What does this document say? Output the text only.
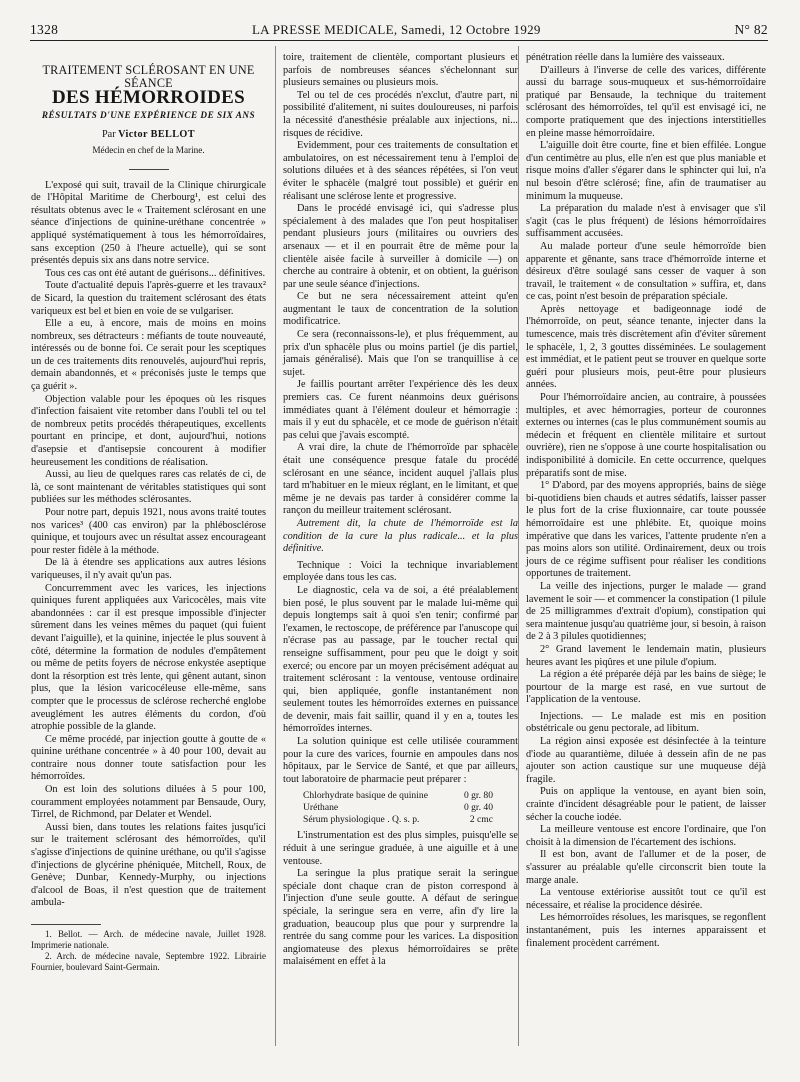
1328	LA PRESSE MEDICALE, Samedi, 12 Octobre 1929	N° 82
TRAITEMENT SCLÉROSANT EN UNE SÉANCE
DES HÉMORROIDES
RÉSULTATS D'UNE EXPÉRIENCE DE SIX ANS
Par Victor BELLOT
Médecin en chef de la Marine.

L'exposé qui suit, travail de la Clinique chirurgicale de l'Hôpital Maritime de Cherbourg¹, est celui des résultats obtenus avec le « Traitement sclérosant en une séance d'injections de quinine-uréthane concentrée » appliqué systématiquement à tous les hémorroïdaires, sans exception (250 à l'heure actuelle), qui se sont présentés depuis six ans dans notre service.

Tous ces cas ont été autant de guérisons... définitives.

Toute d'actualité depuis l'après-guerre et les travaux² de Sicard, la question du traitement sclérosant des états variqueux est bel et bien en voie de se vulgariser.

Elle a eu, à encore, mais de moins en moins nombreux, ses détracteurs : méfiants de toute nouveauté, intéressés ou de bonne foi. Ce serait pour les sceptiques un de ces traitements dits renouvelés, aujourd'hui repris, demain abandonnés, et « préconisés juste le temps que ça guérit ».

Objection valable pour les époques où les risques d'infection faisaient vite retomber dans l'oubli tel ou tel de nombreux petits procédés thérapeutiques, excellents pourtant en principe, et dont, aujourd'hui, notions d'asepsie et d'antisepsie concourent à modifier heureusement les conditions de réalisation.

Aussi, au lieu de quelques rares cas relatés de ci, de là, ce sont maintenant de véritables statistiques qui sont publiées sur les méthodes sclérosantes.

Pour notre part, depuis 1921, nous avons traité toutes nos varices³ (400 cas environ) par la phlébosclérose quinique, et toujours avec un résultat assez encourageant pour rester fidèle à la méthode.

De là à étendre ses applications aux autres lésions variqueuses, il n'y avait qu'un pas.

Concurremment avec les varices, les injections quiniques furent appliquées aux Varicocèles, mais vite abandonnées : car il est presque impossible d'injecter sûrement dans les veines mêmes du paquet (qui fuient devant l'aiguille), et la quinine, injectée le plus souvent à côté, détermine la formation de nodules d'empâtement ou même de petits foyers de nécrose enkystée aseptique dont la résorption est très lente, qui gênent autant, sinon plus, que la lésion varicocéleuse elle-même, sans compter que le processus de sclérose recherché englobe aveuglément les autres éléments du cordon, d'où atrophie possible de la glande.

Ce même procédé, par injection goutte à goutte de « quinine uréthane concentrée » à 40 pour 100, devait au contraire nous donner toute satisfaction pour les hémorroïdes.

On est loin des solutions diluées à 5 pour 100, couramment employées notamment par Bensaude, Oury, Tirrel, de Richmond, par Delater et Wendel.

Aussi bien, dans toutes les relations faites jusqu'ici sur le traitement sclérosant des hémorroïdes, qu'il s'agisse d'injections de quinine uréthane, ou qu'il s'agisse d'injections de glycérine phéniquée, Mitchell, Roux, de Genève; Dunbar, Kennedy-Murphy, ou injections d'alcool de Boas, il n'est question que de traitement ambula-

1. Bellot. — Arch. de médecine navale, Juillet 1928. Imprimerie nationale.

2. Arch. de médecine navale, Septembre 1922. Librairie Fournier, boulevard Saint-Germain.

toire, traitement de clientèle, comportant plusieurs et parfois de nombreuses séances s'échelonnant sur plusieurs semaines ou plusieurs mois.

Tel ou tel de ces procédés n'exclut, d'autre part, ni possibilité d'alitement, ni suites douloureuses, ni parfois la nécessité d'anesthésie préalable aux injections, ni... risques de récidive.

Evidemment, pour ces traitements de consultation et ambulatoires, on est nécessairement tenu à l'emploi de solutions diluées et à des séances répétées, si l'on veut éviter le sphacèle (malgré tout possible) et guérir en réalisant une sclérose lente et progressive.

Dans le procédé envisagé ici, qui s'adresse plus spécialement à des malades que l'on peut hospitaliser pendant plusieurs jours (militaires ou ouvriers des arsenaux — et il en pourrait être de même pour la clientèle aisée facile à surveiller à domicile —) on cherche au contraire à obtenir, et on obtient, la guérison par une seule séance d'injections.

Ce but ne sera nécessairement atteint qu'en augmentant le taux de concentration de la solution modificatrice.

Ce sera (reconnaissons-le), et plus fréquemment, au prix d'un sphacèle plus ou moins partiel (je dis partiel, jamais généralisé). Mais que l'on se tranquillise à ce sujet.

Je faillis pourtant arrêter l'expérience dès les deux premiers cas. Ce furent néanmoins deux guérisons immédiates quant à l'élément douleur et hémorragie : mais il y eut du sphacèle, et ce mode de guérison n'était pas celui que j'avais escompté.

A vrai dire, la chute de l'hémorroïde par sphacèle était une conséquence presque fatale du procédé sclérosant en une séance, incident auquel j'allais plus tard m'habituer en le mieux réglant, en le limitant, et que même je ne devais pas tarder à considérer comme la rançon du meilleur traitement sclérosant.

Autrement dit, la chute de l'hémorroïde est la condition de la cure la plus radicale... et la plus définitive.

Technique : Voici la technique invariablement employée dans tous les cas.

Le diagnostic, cela va de soi, a été préalablement bien posé, le plus souvent par le malade lui-même qui depuis longtemps sait à quoi s'en tenir; confirmé par l'examen, le rectoscope, de préférence par l'anuscope qui n'écrase pas au passage, par le toucher rectal qui renseigne suffisamment, pour peu que le doigt y soit exercé; ou encore par un moyen précisément adéquat au traitement sclérosant : la ventouse, ventouse ordinaire qui, bien appliquée, gonfle instantanément non seulement toutes les hémorroïdes externes en puissance de devenir, mais fait saillir, quand il y en a, toutes les hémorroïdes internes.

La solution quinique est celle utilisée couramment pour la cure des varices, fournie en ampoules dans nos hôpitaux, par le Service de Santé, et que par ailleurs, tout laboratoire de pharmacie peut préparer :

Chlorhydrate basique de quinine	0 gr. 80
Uréthane	0 gr. 40
Sérum physiologique . Q. s. p.	2 cmc

L'instrumentation est des plus simples, puisqu'elle se réduit à une seringue graduée, à une aiguille et à une ventouse.

La seringue la plus pratique serait la seringue spéciale dont chaque cran de piston correspond à l'injection d'une seule goutte. A défaut de seringue spéciale, la seringue sera en verre, afin d'y lire la graduation, beaucoup plus que pour y surprendre la rentrée du sang comme pour les varices. La disposition angiomateuse des plexus hémorroïdaires se prête malaisément en effet à la

pénétration réelle dans la lumière des vaisseaux.

D'ailleurs à l'inverse de celle des varices, différente aussi du barrage sous-muqueux et sus-hémorroïdaire pratiqué par Bensaude, la technique du traitement sclérosant des hémorroïdes, tel qu'il est envisagé ici, ne comporte pratiquement que des injections interstitielles en pleine masse hémorroïdaire.

L'aiguille doit être courte, fine et bien effilée. Longue d'un centimètre au plus, elle n'en est que plus maniable et risque moins d'aller s'égarer dans le sphincter qui lui, n'a nul besoin d'être sclérosé; fine, afin de traumatiser au minimum la muqueuse.

La préparation du malade n'est à envisager que s'il s'agit (cas le plus fréquent) de lésions hémorroïdaires suffisamment accusées.

Au malade porteur d'une seule hémorroïde bien apparente et gênante, sans trace d'hémorroïde interne et désireux d'être soulagé sans cesser de vaquer à son travail, le traitement « de consultation » suffira, et, dans ce cas, point n'est besoin de préparation spéciale.

Après nettoyage et badigeonnage iodé de l'hémorroïde, on peut, séance tenante, injecter dans la tumescence, mais très discrètement afin d'éviter sûrement le sphacèle, 1, 2, 3 gouttes disséminées. Le soulagement est immédiat, et le patient peut se trouver en quelque sorte guéri pour plusieurs mois, peut-être pour plusieurs années.

Pour l'hémorroïdaire ancien, au contraire, à poussées multiples, et avec hémorragies, porteur de couronnes externes ou internes (cas le plus communément soumis au médecin et fréquent en clientèle militaire et surtout ouvrière), rien ne s'oppose à une courte hospitalisation ou indisponibilité à domicile. En cette occurrence, quelques préparatifs sont de mise.

1° D'abord, par des moyens appropriés, bains de siège bi-quotidiens bien chauds et autres sédatifs, laisser passer le plus fort de la crise fluxionnaire, car toute poussée hémorroïdaire est une phlébite. Et, quoique moins impérative que dans les varices, l'attente prudente n'en a pas moins alors son utilité. Ordinairement, deux ou trois jours de ce régime suffisent pour réaliser les conditions opportunes de traitement.

La veille des injections, purger le malade — grand lavement le soir — et commencer la constipation (1 pilule de 25 milligrammes d'extrait d'opium), constipation qui sera maintenue jusqu'au quatrième jour, si besoin, à raison de 2 à 3 pilules quotidiennes;

2° Grand lavement le lendemain matin, plusieurs heures avant les piqûres et une pilule d'opium.

La région a été préparée déjà par les bains de siège; le pourtour de la marge est rasé, en vue surtout de l'application de la ventouse.

Injections. — Le malade est mis en position obstétricale ou genu pectorale, ad libitum.

La région ainsi exposée est désinfectée à la teinture d'iode au quarantième, diluée à dessein afin de ne pas ajouter son action caustique sur une muqueuse déjà fragile.

Puis on applique la ventouse, en ayant bien soin, crainte d'incident désagréable pour le patient, de laisser sécher la couche iodée.

La meilleure ventouse est encore l'ordinaire, que l'on choisit à la dimension de l'écartement des ischions.

Il est bon, avant de l'allumer et de la poser, de s'assurer au préalable qu'elle circonscrit bien toute la marge anale.

La ventouse extériorise aussitôt tout ce qu'il est nécessaire, et réalise la procidence désirée.

Les hémorroïdes résolues, les marisques, se regonflent instantanément, puis les internes apparaissent et finalement procèdent carrément.
